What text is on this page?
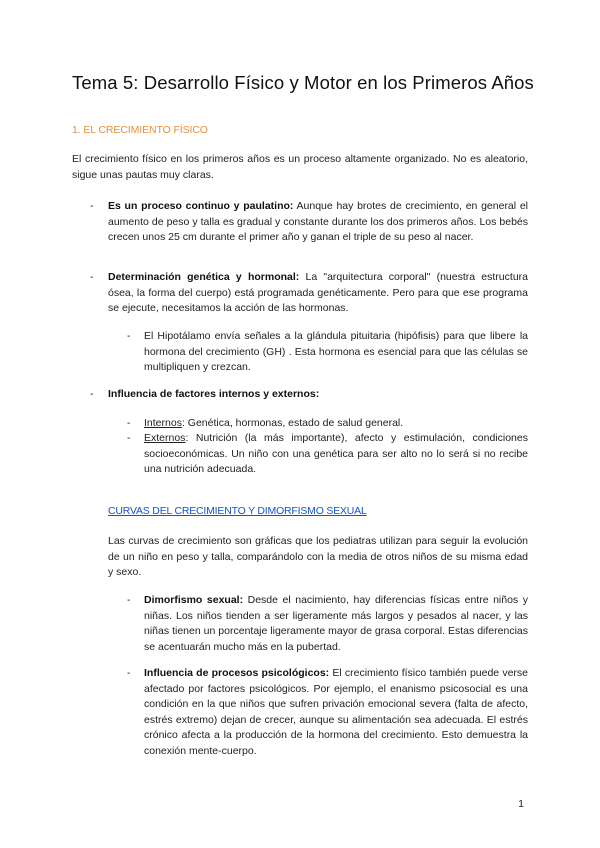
Tema 5: Desarrollo Físico y Motor en los Primeros Años

1. EL CRECIMIENTO FÍSICO

El crecimiento físico en los primeros años es un proceso altamente organizado. No es aleatorio, sigue unas pautas muy claras.

- Es un proceso continuo y paulatino: Aunque hay brotes de crecimiento, en general el aumento de peso y talla es gradual y constante durante los dos primeros años. Los bebés crecen unos 25 cm durante el primer año y ganan el triple de su peso al nacer.

- Determinación genética y hormonal: La "arquitectura corporal" (nuestra estructura ósea, la forma del cuerpo) está programada genéticamente. Pero para que ese programa se ejecute, necesitamos la acción de las hormonas.

- El Hipotálamo envía señales a la glándula pituitaria (hipófisis) para que libere la hormona del crecimiento (GH) . Esta hormona es esencial para que las células se multipliquen y crezcan.

- Influencia de factores internos y externos:

- Internos: Genética, hormonas, estado de salud general.

- Externos: Nutrición (la más importante), afecto y estimulación, condiciones socioeconómicas. Un niño con una genética para ser alto no lo será si no recibe una nutrición adecuada.

CURVAS DEL CRECIMIENTO Y DIMORFISMO SEXUAL

Las curvas de crecimiento son gráficas que los pediatras utilizan para seguir la evolución de un niño en peso y talla, comparándolo con la media de otros niños de su misma edad y sexo.

- Dimorfismo sexual: Desde el nacimiento, hay diferencias físicas entre niños y niñas. Los niños tienden a ser ligeramente más largos y pesados al nacer, y las niñas tienen un porcentaje ligeramente mayor de grasa corporal. Estas diferencias se acentuarán mucho más en la pubertad.

- Influencia de procesos psicológicos: El crecimiento físico también puede verse afectado por factores psicológicos. Por ejemplo, el enanismo psicosocial es una condición en la que niños que sufren privación emocional severa (falta de afecto, estrés extremo) dejan de crecer, aunque su alimentación sea adecuada. El estrés crónico afecta a la producción de la hormona del crecimiento. Esto demuestra la conexión mente-cuerpo.

1
